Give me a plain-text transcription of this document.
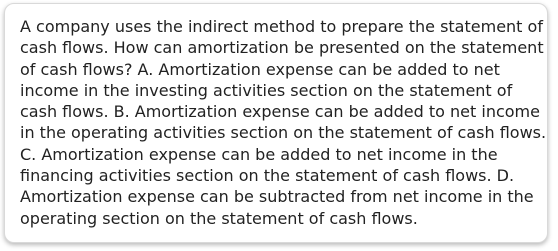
A company uses the indirect method to prepare the statement of cash flows. How can amortization be presented on the statement of cash flows? A. Amortization expense can be added to net income in the investing activities section on the statement of cash flows. B. Amortization expense can be added to net income in the operating activities section on the statement of cash flows. C. Amortization expense can be added to net income in the financing activities section on the statement of cash flows. D. Amortization expense can be subtracted from net income in the operating section on the statement of cash flows.
